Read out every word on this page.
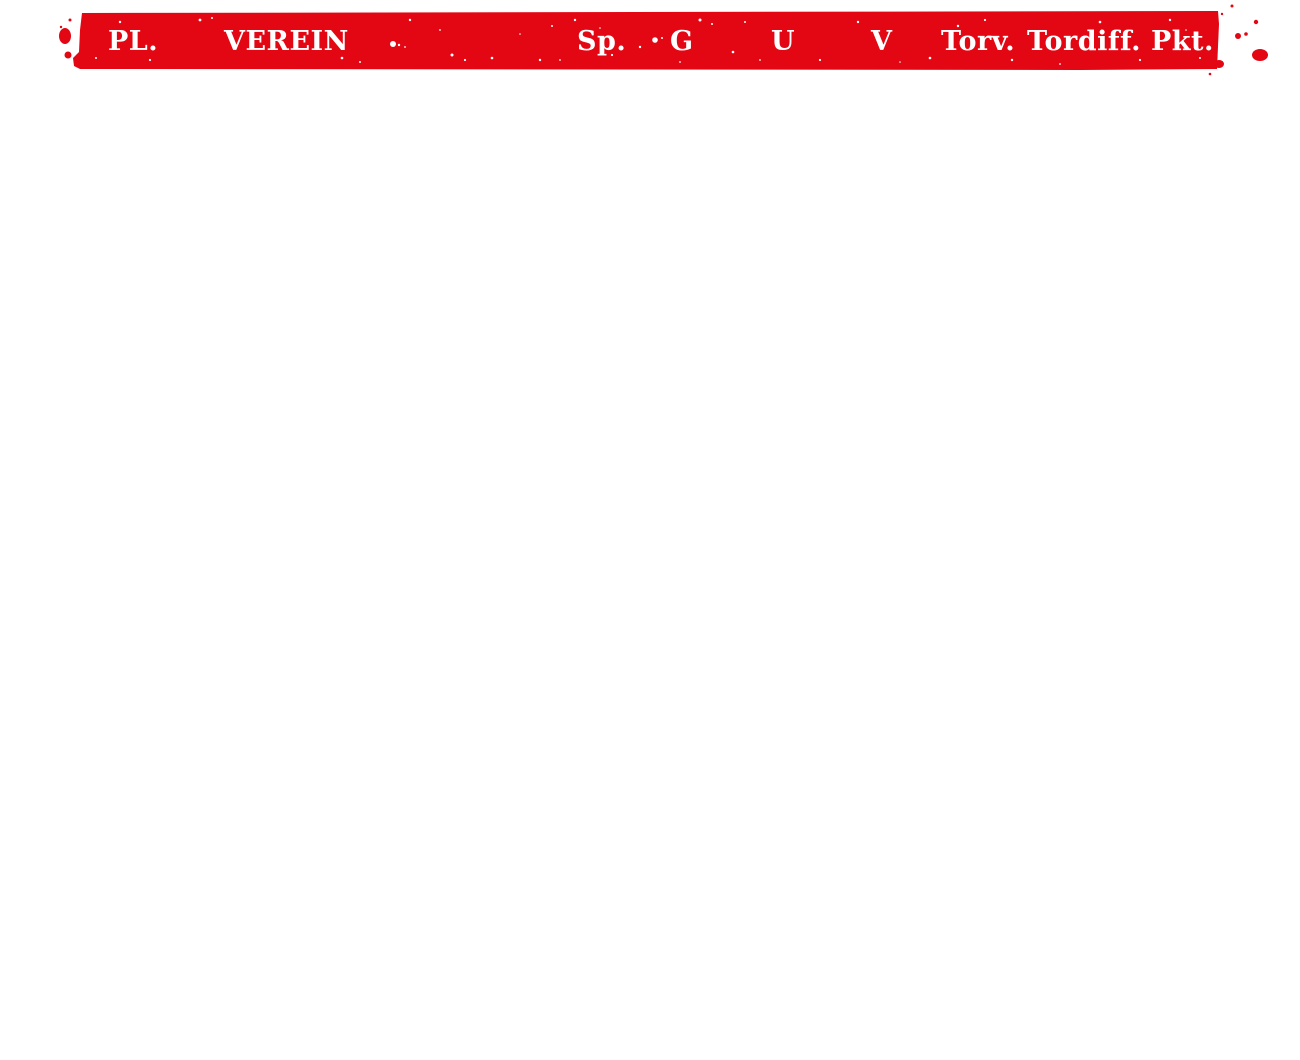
PL. VEREIN	Sp. G	U	V Torv. Tordiff. Pkt.
